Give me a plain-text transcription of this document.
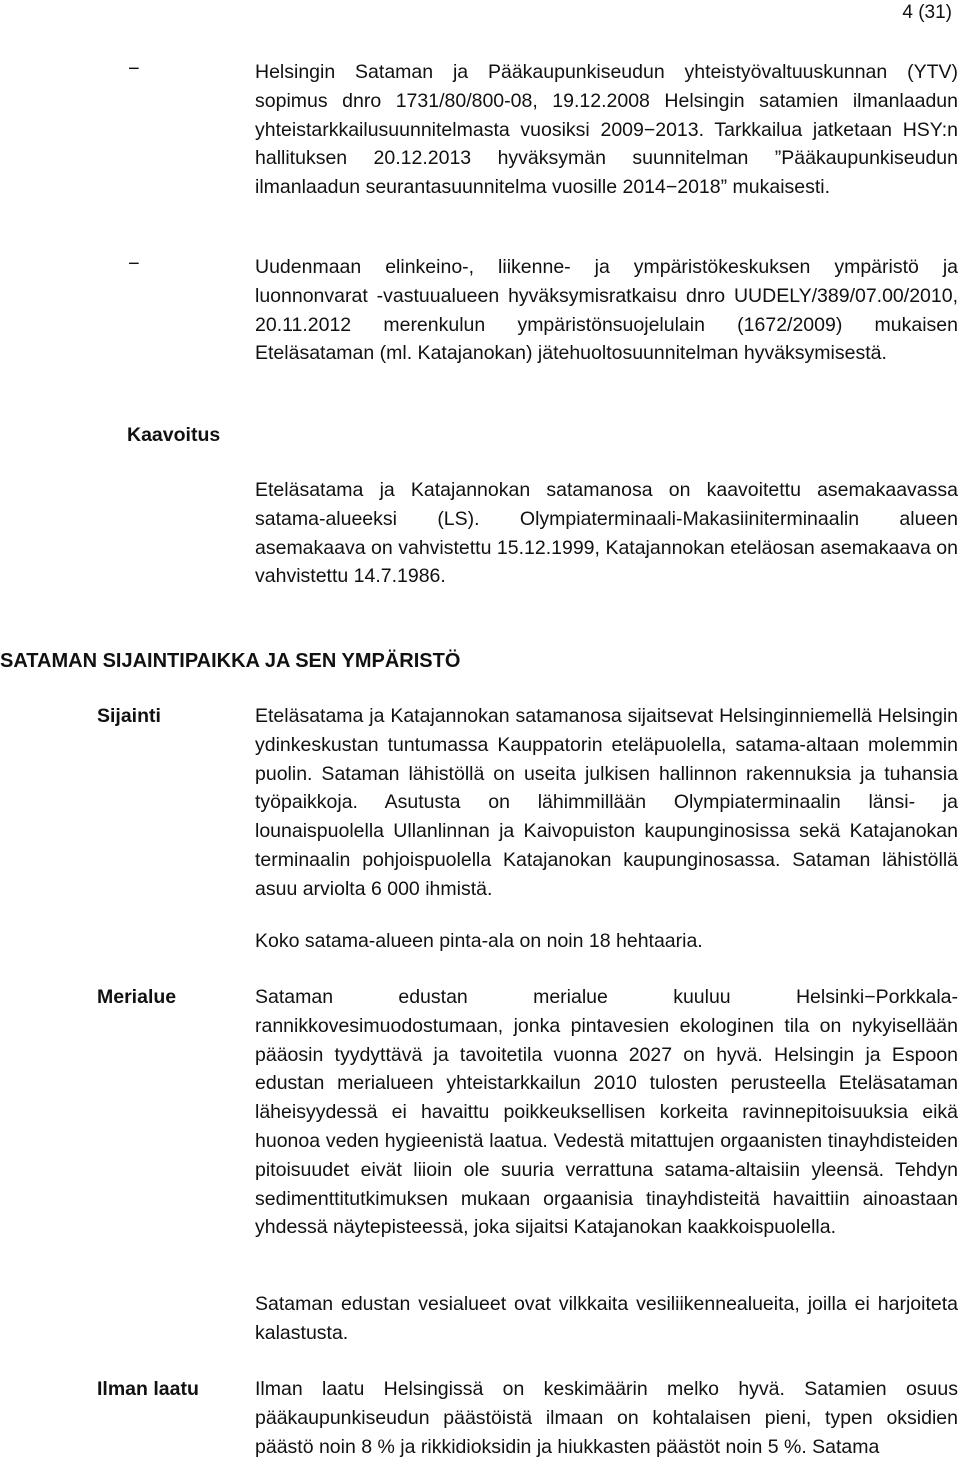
4 (31)
−	Helsingin Sataman ja Pääkaupunkiseudun yhteistyövaltuuskunnan (YTV) sopimus dnro 1731/80/800-08, 19.12.2008 Helsingin satamien ilmanlaadun yhteistarkkailusuunnitelmasta vuosiksi 2009−2013. Tarkkailua jatketaan HSY:n hallituksen 20.12.2013 hyväksymän suunnitelman ”Pääkaupunkiseudun ilmanlaadun seurantasuunnitelma vuosille 2014−2018” mukaisesti.

−	Uudenmaan elinkeino-, liikenne- ja ympäristökeskuksen ympäristö ja luonnonvarat -vastuualueen hyväksymisratkaisu dnro UUDELY/389/07.00/2010, 20.11.2012 merenkulun ympäristönsuojelulain (1672/2009) mukaisen Eteläsataman (ml. Katajanokan) jätehuoltosuunnitelman hyväksymisestä.

Kaavoitus

Eteläsatama ja Katajannokan satamanosa on kaavoitettu asemakaavassa satama-alueeksi (LS). Olympiaterminaali-Makasiiniterminaalin alueen asemakaava on vahvistettu 15.12.1999, Katajannokan eteläosan asemakaava on vahvistettu 14.7.1986.

SATAMAN SIJAINTIPAIKKA JA SEN YMPÄRISTÖ
Sijainti	Eteläsatama ja Katajannokan satamanosa sijaitsevat Helsinginniemellä Helsingin ydinkeskustan tuntumassa Kauppatorin eteläpuolella, satama-altaan molemmin puolin. Sataman lähistöllä on useita julkisen hallinnon rakennuksia ja tuhansia työpaikkoja. Asutusta on lähimmillään Olympiaterminaalin länsi- ja lounaispuolella Ullanlinnan ja Kaivopuiston kaupunginosissa sekä Katajanokan terminaalin pohjoispuolella Katajanokan kaupunginosassa. Sataman lähistöllä asuu arviolta 6 000 ihmistä.

Koko satama-alueen pinta-ala on noin 18 hehtaaria.

Merialue	Sataman edustan merialue kuuluu Helsinki−Porkkala-rannikkovesimuodostumaan, jonka pintavesien ekologinen tila on nykyisellään pääosin tyydyttävä ja tavoitetila vuonna 2027 on hyvä. Helsingin ja Espoon edustan merialueen yhteistarkkailun 2010 tulosten perusteella Eteläsataman läheisyydessä ei havaittu poikkeuksellisen korkeita ravinnepitoisuuksia eikä huonoa veden hygieenistä laatua. Vedestä mitattujen orgaanisten tinayhdisteiden pitoisuudet eivät liioin ole suuria verrattuna satama-altaisiin yleensä. Tehdyn sedimenttitutkimuksen mukaan orgaanisia tinayhdisteitä havaittiin ainoastaan yhdessä näytepisteessä, joka sijaitsi Katajanokan kaakkoispuolella.

Sataman edustan vesialueet ovat vilkkaita vesiliikennealueita, joilla ei harjoiteta kalastusta.

Ilman laatu	Ilman laatu Helsingissä on keskimäärin melko hyvä. Satamien osuus pääkaupunkiseudun päästöistä ilmaan on kohtalaisen pieni, typen oksidien päästö noin 8 % ja rikkidioksidin ja hiukkasten päästöt noin 5 %. Satama
